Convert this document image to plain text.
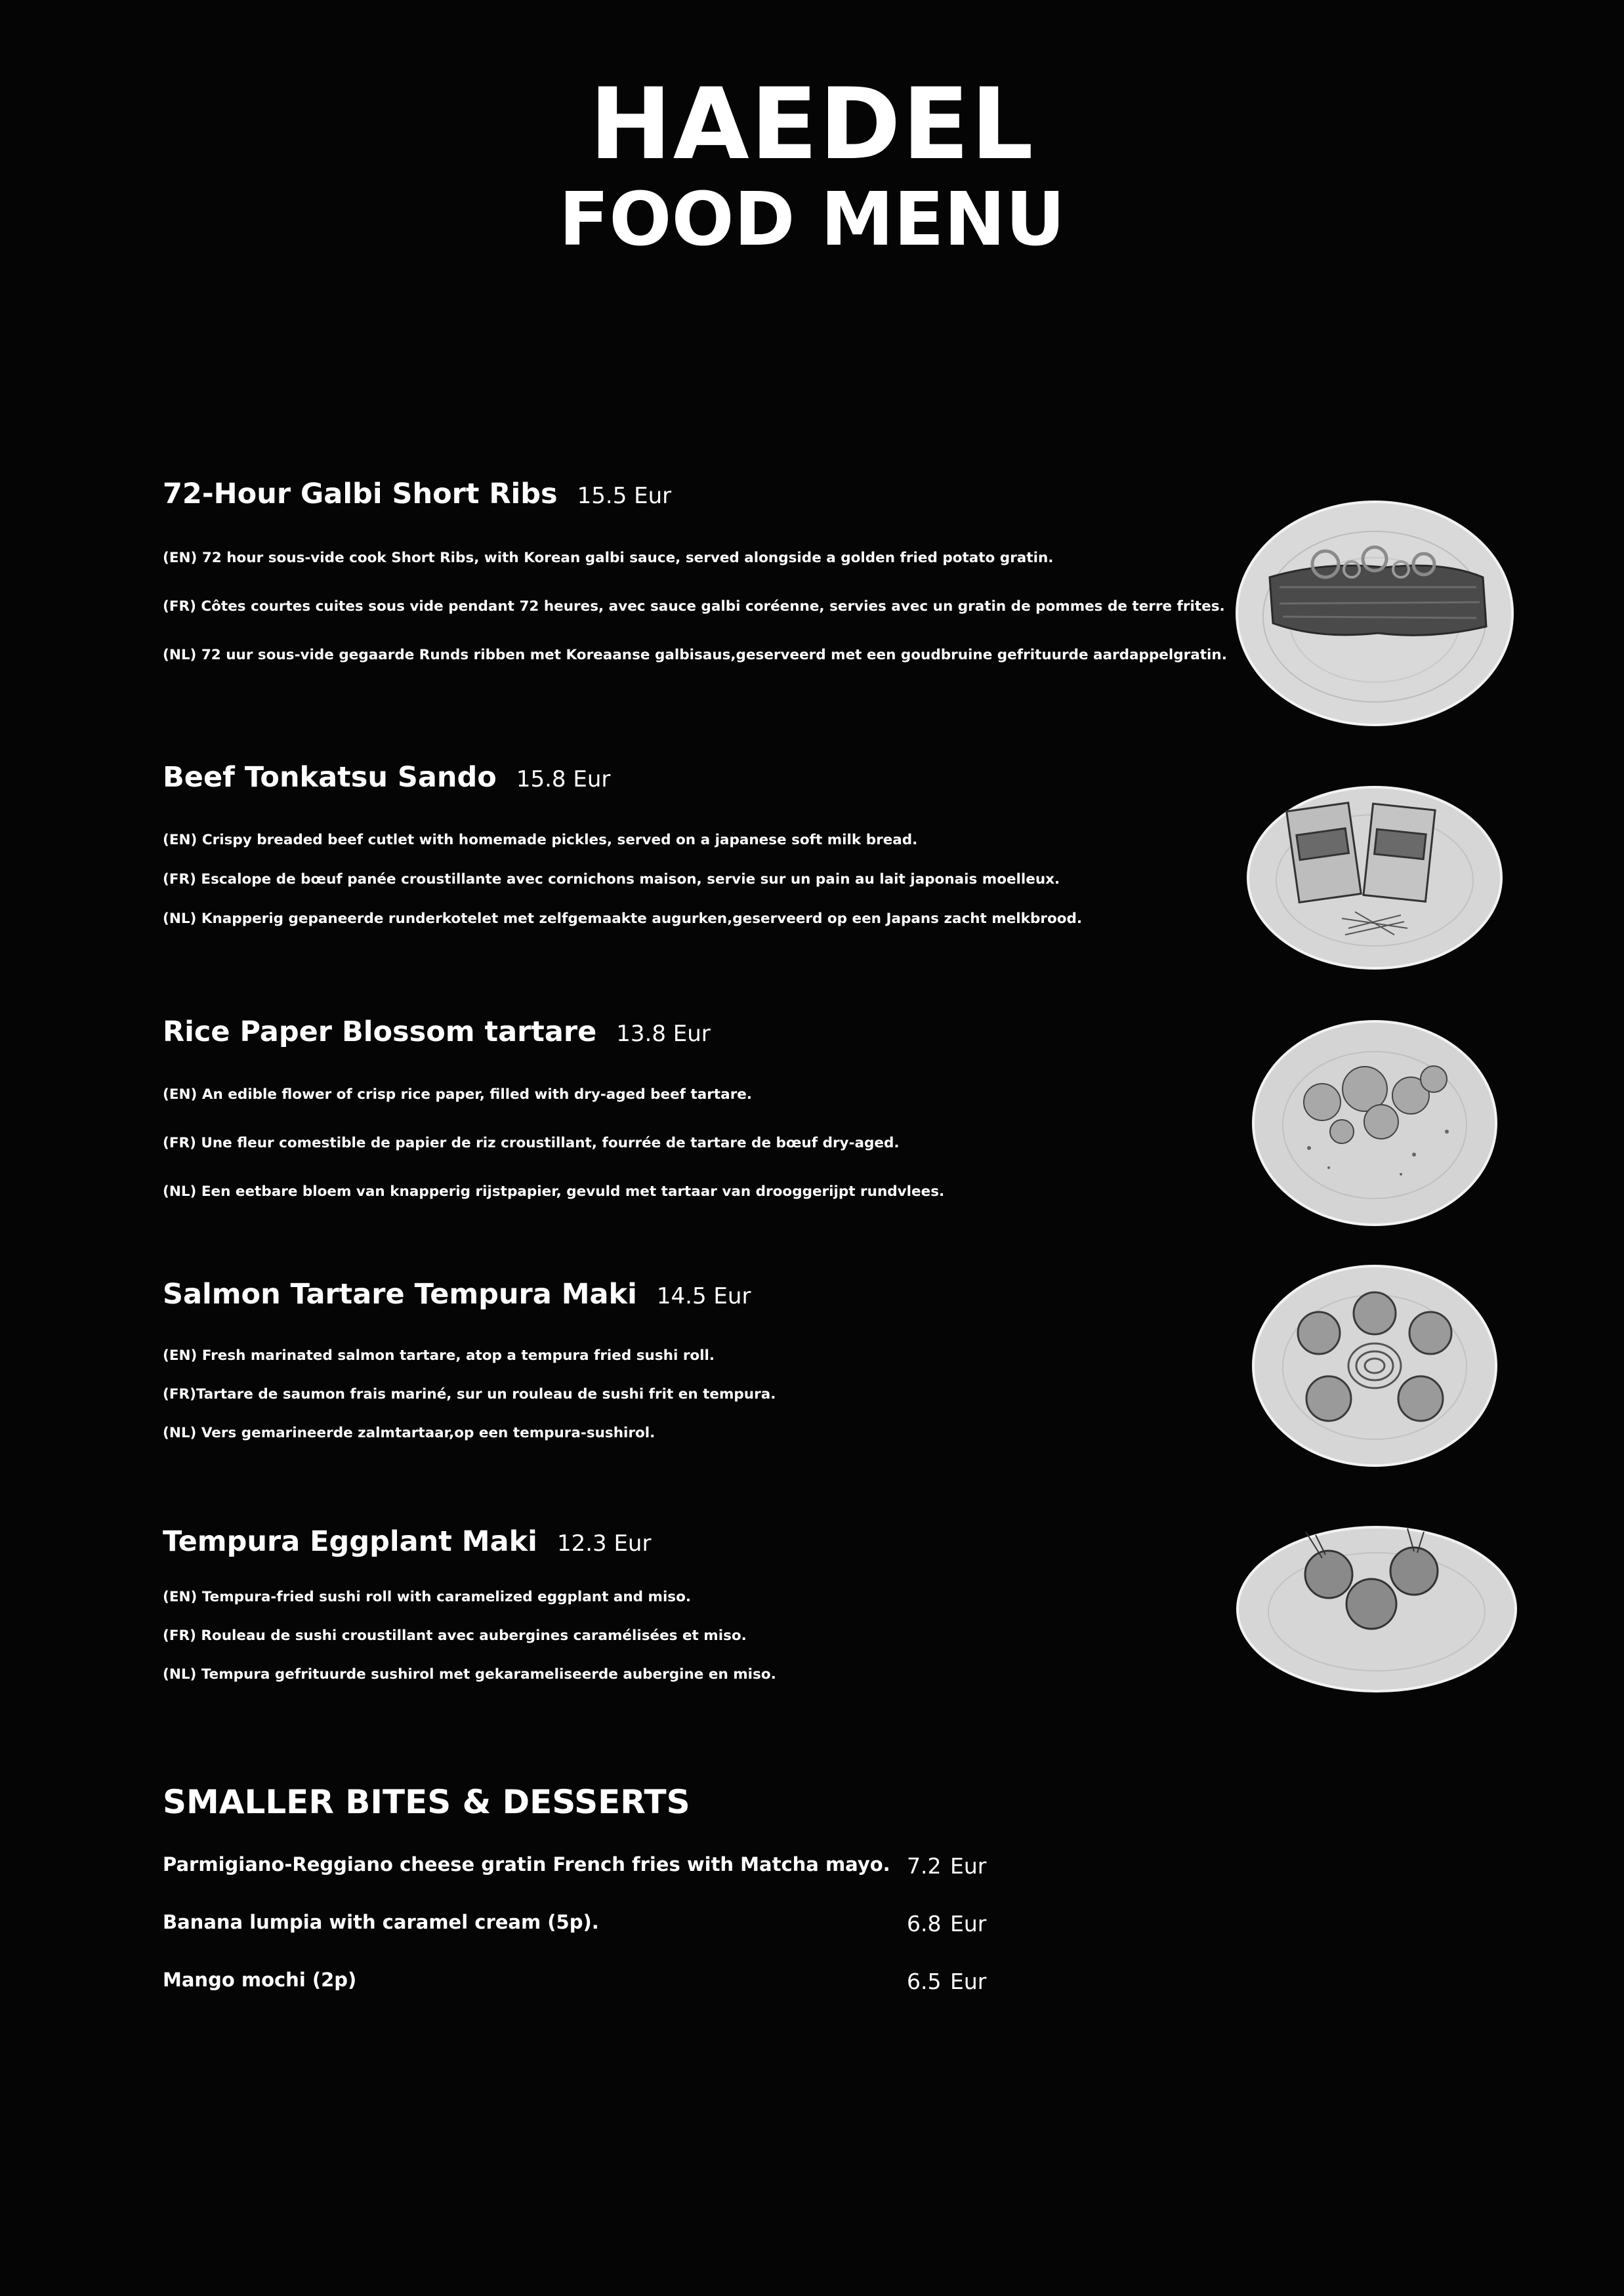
HAEDEL
FOOD MENU
72-Hour Galbi Short Ribs 15.5 Eur
(EN) 72 hour sous-vide cook Short Ribs, with Korean galbi sauce, served alongside a golden fried potato gratin.
(FR) Côtes courtes cuites sous vide pendant 72 heures, avec sauce galbi coréenne, servies avec un gratin de pommes de terre frites.
(NL) 72 uur sous-vide gegaarde Runds ribben met Koreaanse galbisaus,geserveerd met een goudbruine gefrituurde aardappelgratin.
Beef Tonkatsu Sando 15.8 Eur
(EN) Crispy breaded beef cutlet with homemade pickles, served on a japanese soft milk bread.
(FR) Escalope de bœuf panée croustillante avec cornichons maison, servie sur un pain au lait japonais moelleux.
(NL) Knapperig gepaneerde runderkotelet met zelfgemaakte augurken,geserveerd op een Japans zacht melkbrood.
Rice Paper Blossom tartare 13.8 Eur
(EN) An edible flower of crisp rice paper, filled with dry-aged beef tartare.
(FR) Une fleur comestible de papier de riz croustillant, fourrée de tartare de bœuf dry-aged.
(NL) Een eetbare bloem van knapperig rijstpapier, gevuld met tartaar van drooggerijpt rundvlees.
Salmon Tartare Tempura Maki 14.5 Eur
(EN) Fresh marinated salmon tartare, atop a tempura fried sushi roll.
(FR)Tartare de saumon frais mariné, sur un rouleau de sushi frit en tempura.
(NL) Vers gemarineerde zalmtartaar,op een tempura-sushirol.
Tempura Eggplant Maki 12.3 Eur
(EN) Tempura-fried sushi roll with caramelized eggplant and miso.
(FR) Rouleau de sushi croustillant avec aubergines caramélisées et miso.
(NL) Tempura gefrituurde sushirol met gekarameliseerde aubergine en miso.
SMALLER BITES & DESSERTS
Parmigiano-Reggiano cheese gratin French fries with Matcha mayo. 7.2 Eur
Banana lumpia with caramel cream (5p).	6.8 Eur
Mango mochi (2p)	6.5 Eur
